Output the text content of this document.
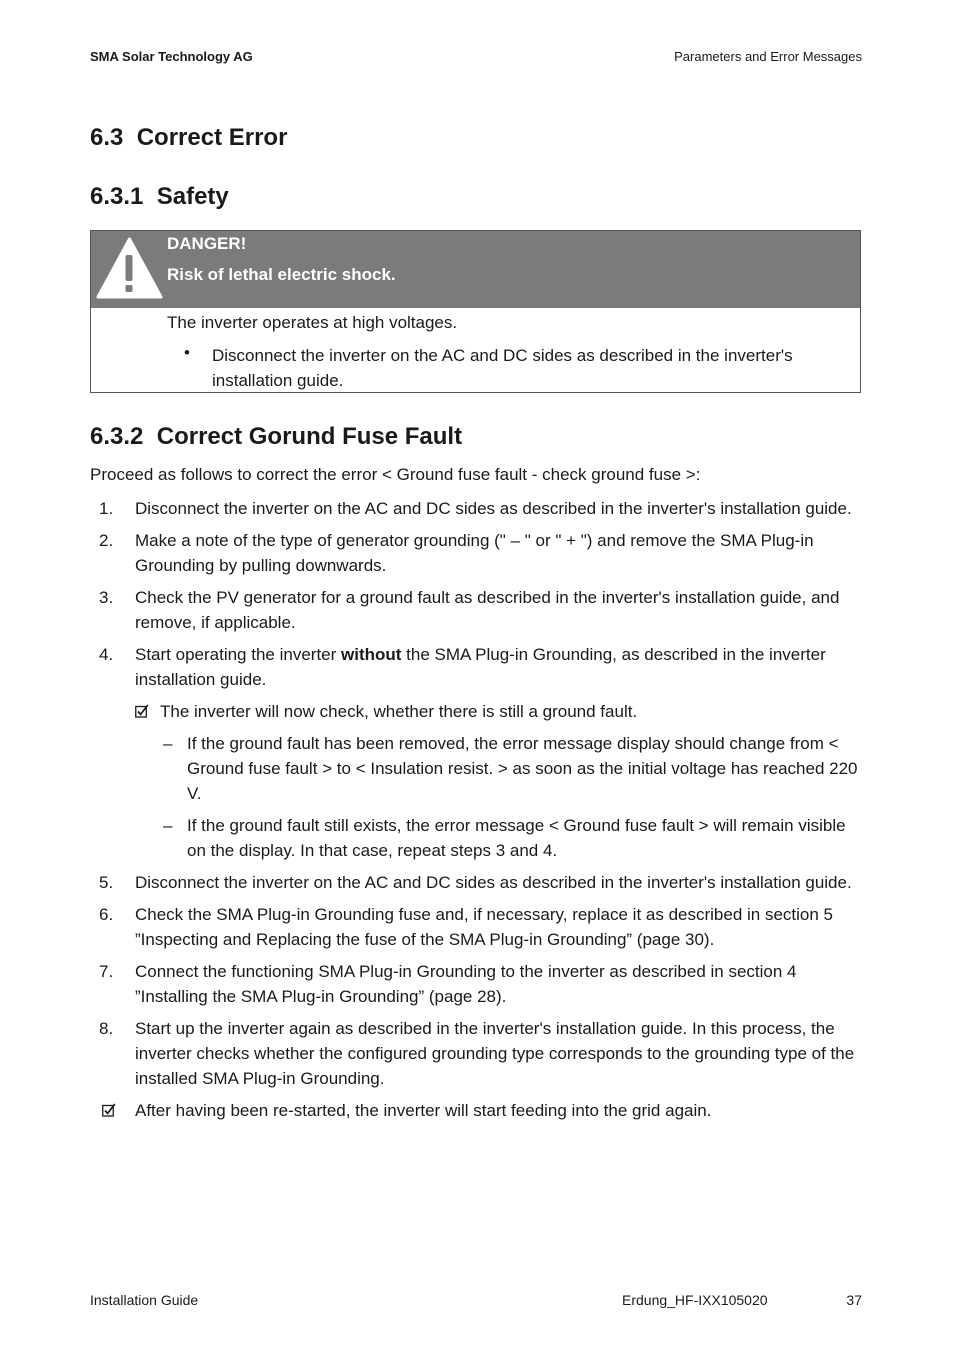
SMA Solar Technology AG	Parameters and Error Messages
6.3 Correct Error
6.3.1 Safety
DANGER!
Risk of lethal electric shock.
The inverter operates at high voltages.
• Disconnect the inverter on the AC and DC sides as described in the inverter's installation guide.
6.3.2 Correct Gorund Fuse Fault
Proceed as follows to correct the error < Ground fuse fault - check ground fuse >:
1. Disconnect the inverter on the AC and DC sides as described in the inverter's installation guide.
2. Make a note of the type of generator grounding (" – " or " + ") and remove the SMA Plug-in Grounding by pulling downwards.
3. Check the PV generator for a ground fault as described in the inverter's installation guide, and remove, if applicable.
4. Start operating the inverter without the SMA Plug-in Grounding, as described in the inverter installation guide.
The inverter will now check, whether there is still a ground fault.
– If the ground fault has been removed, the error message display should change from < Ground fuse fault > to < Insulation resist. > as soon as the initial voltage has reached 220 V.
– If the ground fault still exists, the error message < Ground fuse fault > will remain visible on the display. In that case, repeat steps 3 and 4.
5. Disconnect the inverter on the AC and DC sides as described in the inverter's installation guide.
6. Check the SMA Plug-in Grounding fuse and, if necessary, replace it as described in section 5 ”Inspecting and Replacing the fuse of the SMA Plug-in Grounding” (page 30).
7. Connect the functioning SMA Plug-in Grounding to the inverter as described in section 4 ”Installing the SMA Plug-in Grounding” (page 28).
8. Start up the inverter again as described in the inverter's installation guide. In this process, the inverter checks whether the configured grounding type corresponds to the grounding type of the installed SMA Plug-in Grounding.
After having been re-started, the inverter will start feeding into the grid again.
Installation Guide	Erdung_HF-IXX105020	37
